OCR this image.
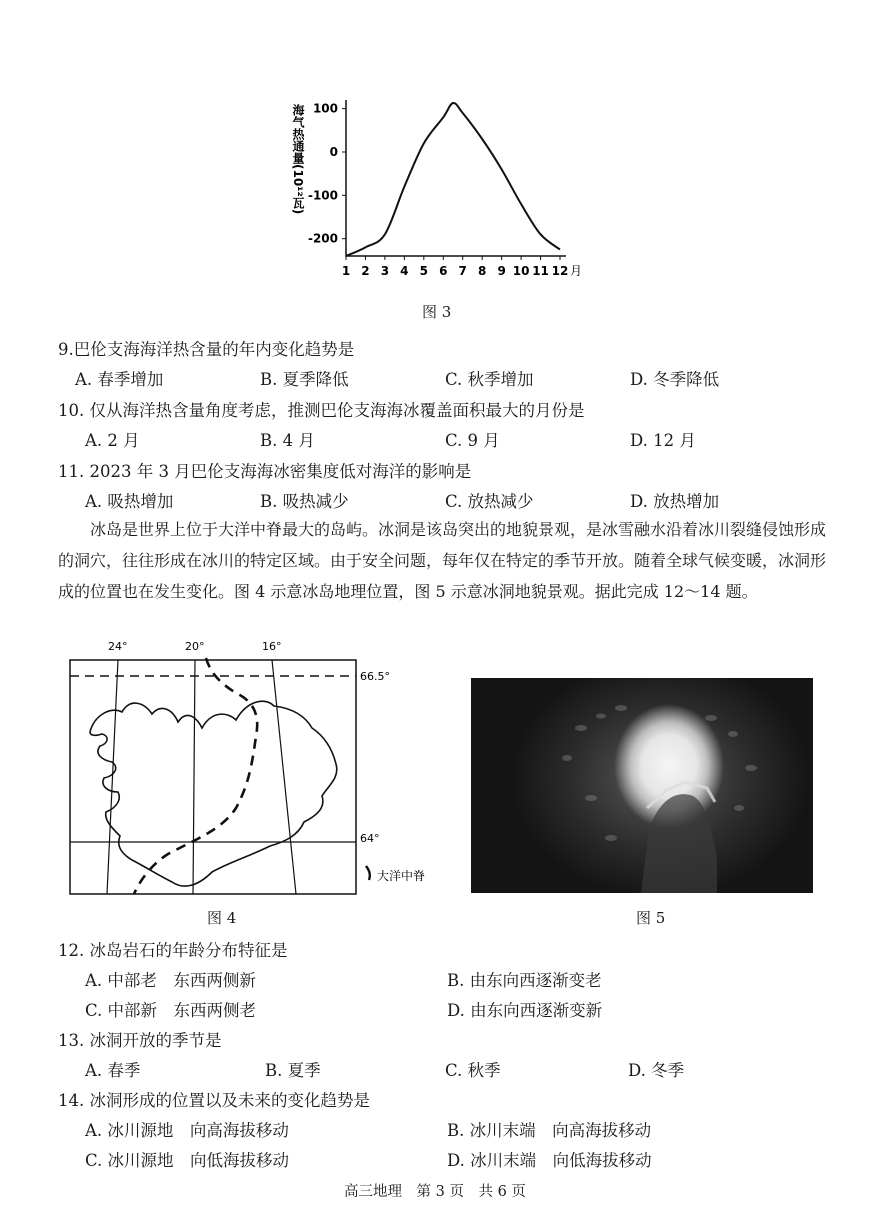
海气热通量(10¹²瓦) 100
0
-100
-200
1 2 3 4 5 6 7 8 9 10 11 12 月
图 3
9.巴伦支海海洋热含量的年内变化趋势是
A. 春季增加	B. 夏季降低	C. 秋季增加	D. 冬季降低
10. 仅从海洋热含量角度考虑，推测巴伦支海海冰覆盖面积最大的月份是
A. 2 月	B. 4 月	C. 9 月	D. 12 月
11. 2023 年 3 月巴伦支海海冰密集度低对海洋的影响是
A. 吸热增加	B. 吸热减少	C. 放热减少	D. 放热增加
冰岛是世界上位于大洋中脊最大的岛屿。冰洞是该岛突出的地貌景观，是冰雪融水沿着冰川裂缝侵蚀形成的洞穴，往往形成在冰川的特定区域。由于安全问题，每年仅在特定的季节开放。随着全球气候变暖，冰洞形成的位置也在发生变化。图 4 示意冰岛地理位置，图 5 示意冰洞地貌景观。据此完成 12～14 题。
24°	20°	16°
66.5°
64°
大洋中脊
图 4	图 5
12. 冰岛岩石的年龄分布特征是
A. 中部老　东西两侧新	B. 由东向西逐渐变老
C. 中部新　东西两侧老	D. 由东向西逐渐变新
13. 冰洞开放的季节是
A. 春季	B. 夏季	C. 秋季	D. 冬季
14. 冰洞形成的位置以及未来的变化趋势是
A. 冰川源地　向高海拔移动	B. 冰川末端　向高海拔移动
C. 冰川源地　向低海拔移动	D. 冰川末端　向低海拔移动
高三地理　第 3 页　共 6 页
